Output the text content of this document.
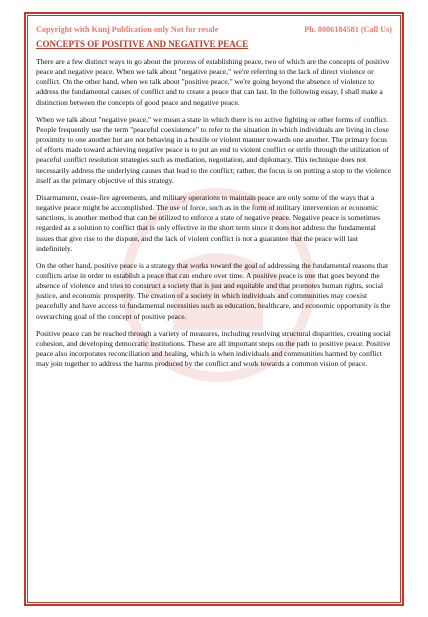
Copyright with Kunj Publication only Not for resale	Ph. 8006184581 (Call Us)
CONCEPTS OF POSITIVE AND NEGATIVE PEACE

There are a few distinct ways to go about the process of establishing peace, two of which are the concepts of positive peace and negative peace. When we talk about "negative peace," we're referring to the lack of direct violence or conflict. On the other hand, when we talk about "positive peace," we're going beyond the absence of violence to address the fundamental causes of conflict and to create a peace that can last. In the following essay, I shall make a distinction between the concepts of good peace and negative peace.

When we talk about "negative peace," we mean a state in which there is no active fighting or other forms of conflict. People frequently use the term "peaceful coexistence" to refer to the situation in which individuals are living in close proximity to one another but are not behaving in a hostile or violent manner towards one another. The primary focus of efforts made toward achieving negative peace is to put an end to violent conflict or strife through the utilization of peaceful conflict resolution strategies such as mediation, negotiation, and diplomacy. This technique does not necessarily address the underlying causes that lead to the conflict; rather, the focus is on putting a stop to the violence itself as the primary objective of this strategy.

Disarmament, cease-fire agreements, and military operations to maintain peace are only some of the ways that a negative peace might be accomplished. The use of force, such as in the form of military intervention or economic sanctions, is another method that can be utilized to enforce a state of negative peace. Negative peace is sometimes regarded as a solution to conflict that is only effective in the short term since it does not address the fundamental issues that give rise to the dispute, and the lack of violent conflict is not a guarantee that the peace will last indefinitely.

On the other hand, positive peace is a strategy that works toward the goal of addressing the fundamental reasons that conflicts arise in order to establish a peace that can endure over time. A positive peace is one that goes beyond the absence of violence and tries to construct a society that is just and equitable and that promotes human rights, social justice, and economic prosperity. The creation of a society in which individuals and communities may coexist peacefully and have access to fundamental necessities such as education, healthcare, and economic opportunity is the overarching goal of the concept of positive peace.

Positive peace can be reached through a variety of measures, including resolving structural disparities, creating social cohesion, and developing democratic institutions. These are all important steps on the path to positive peace. Positive peace also incorporates reconciliation and healing, which is when individuals and communities harmed by conflict may join together to address the harms produced by the conflict and work towards a common vision of peace.
